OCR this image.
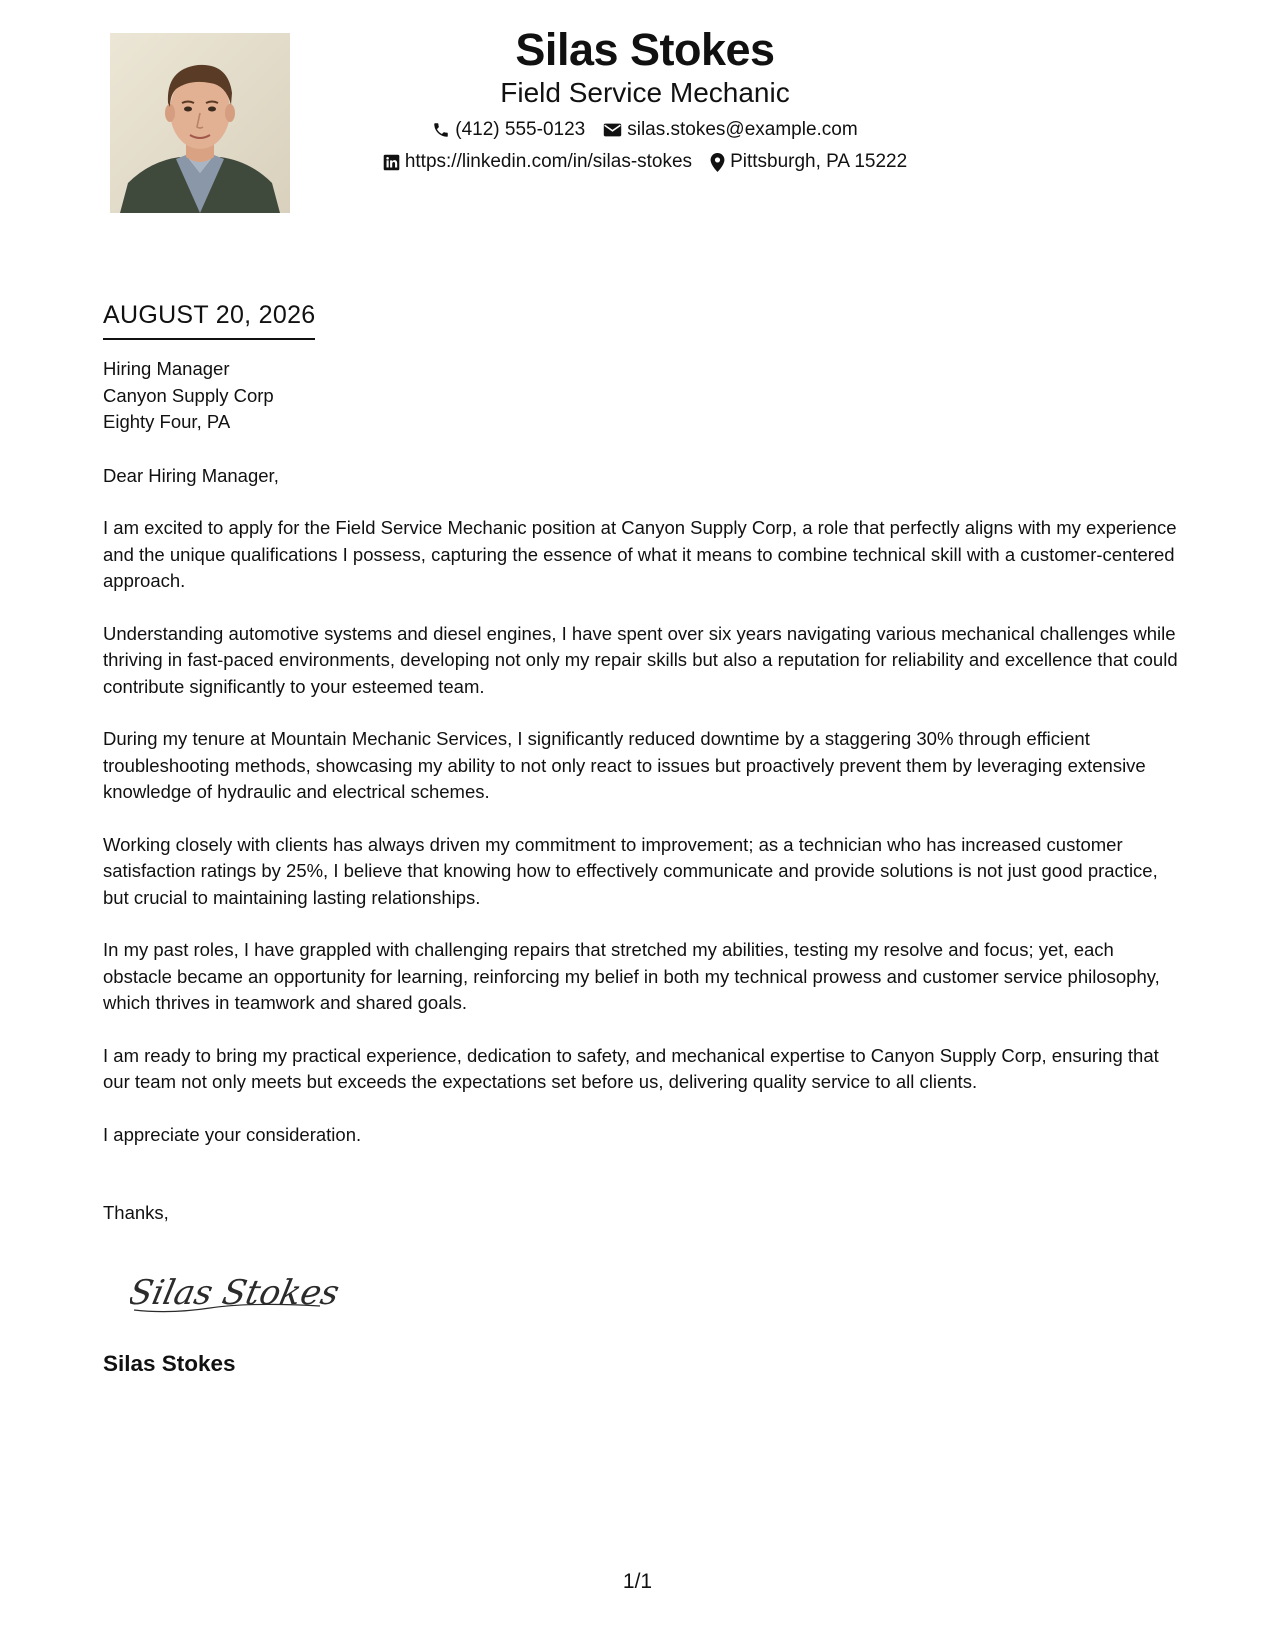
Silas Stokes
Field Service Mechanic
(412) 555-0123 silas.stokes@example.com
https://linkedin.com/in/silas-stokes Pittsburgh, PA 15222
AUGUST 20, 2026
Hiring Manager
Canyon Supply Corp
Eighty Four, PA
Dear Hiring Manager,
I am excited to apply for the Field Service Mechanic position at Canyon Supply Corp, a role that perfectly aligns with my experience and the unique qualifications I possess, capturing the essence of what it means to combine technical skill with a customer-centered approach.
Understanding automotive systems and diesel engines, I have spent over six years navigating various mechanical challenges while thriving in fast-paced environments, developing not only my repair skills but also a reputation for reliability and excellence that could contribute significantly to your esteemed team.
During my tenure at Mountain Mechanic Services, I significantly reduced downtime by a staggering 30% through efficient troubleshooting methods, showcasing my ability to not only react to issues but proactively prevent them by leveraging extensive knowledge of hydraulic and electrical schemes.
Working closely with clients has always driven my commitment to improvement; as a technician who has increased customer satisfaction ratings by 25%, I believe that knowing how to effectively communicate and provide solutions is not just good practice, but crucial to maintaining lasting relationships.
In my past roles, I have grappled with challenging repairs that stretched my abilities, testing my resolve and focus; yet, each obstacle became an opportunity for learning, reinforcing my belief in both my technical prowess and customer service philosophy, which thrives in teamwork and shared goals.
I am ready to bring my practical experience, dedication to safety, and mechanical expertise to Canyon Supply Corp, ensuring that our team not only meets but exceeds the expectations set before us, delivering quality service to all clients.
I appreciate your consideration.
Thanks,
Silas Stokes
Silas Stokes
1/1
